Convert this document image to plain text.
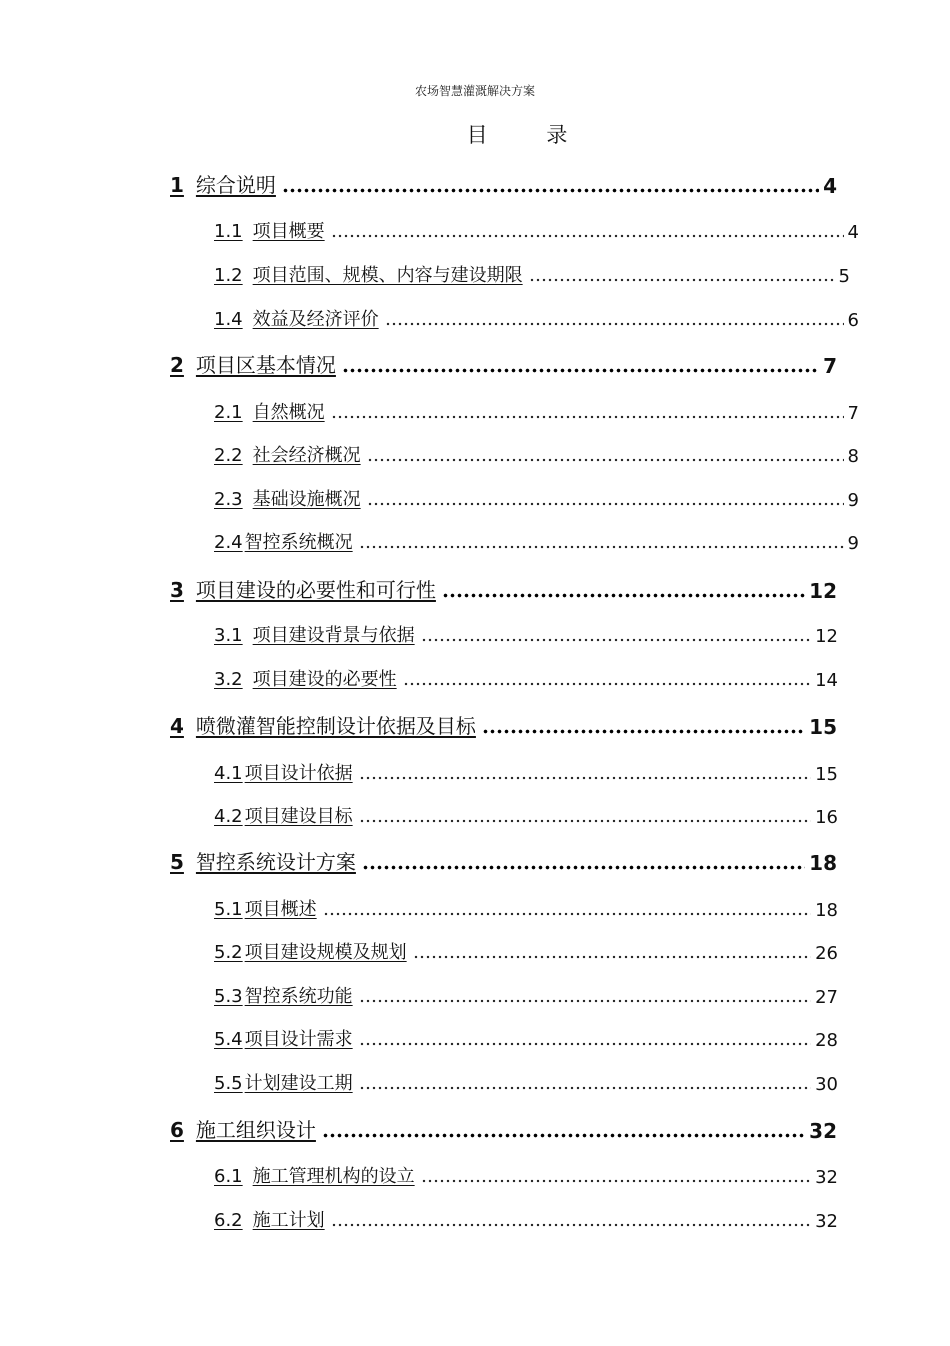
农场智慧灌溉解决方案
目 录
1 综合说明	4
1.1 项目概要	4
1.2 项目范围、规模、内容与建设期限	5
1.4 效益及经济评价	6
2 项目区基本情况	7
2.1 自然概况	7
2.2 社会经济概况	8
2.3 基础设施概况	9
2.4 智控系统概况	9
3 项目建设的必要性和可行性	12
3.1 项目建设背景与依据	12
3.2 项目建设的必要性	14
4 喷微灌智能控制设计依据及目标	15
4.1 项目设计依据	15
4.2 项目建设目标	16
5 智控系统设计方案	18
5.1 项目概述	18
5.2 项目建设规模及规划	26
5.3 智控系统功能	27
5.4 项目设计需求	28
5.5 计划建设工期	30
6 施工组织设计	32
6.1 施工管理机构的设立	32
6.2 施工计划	32
